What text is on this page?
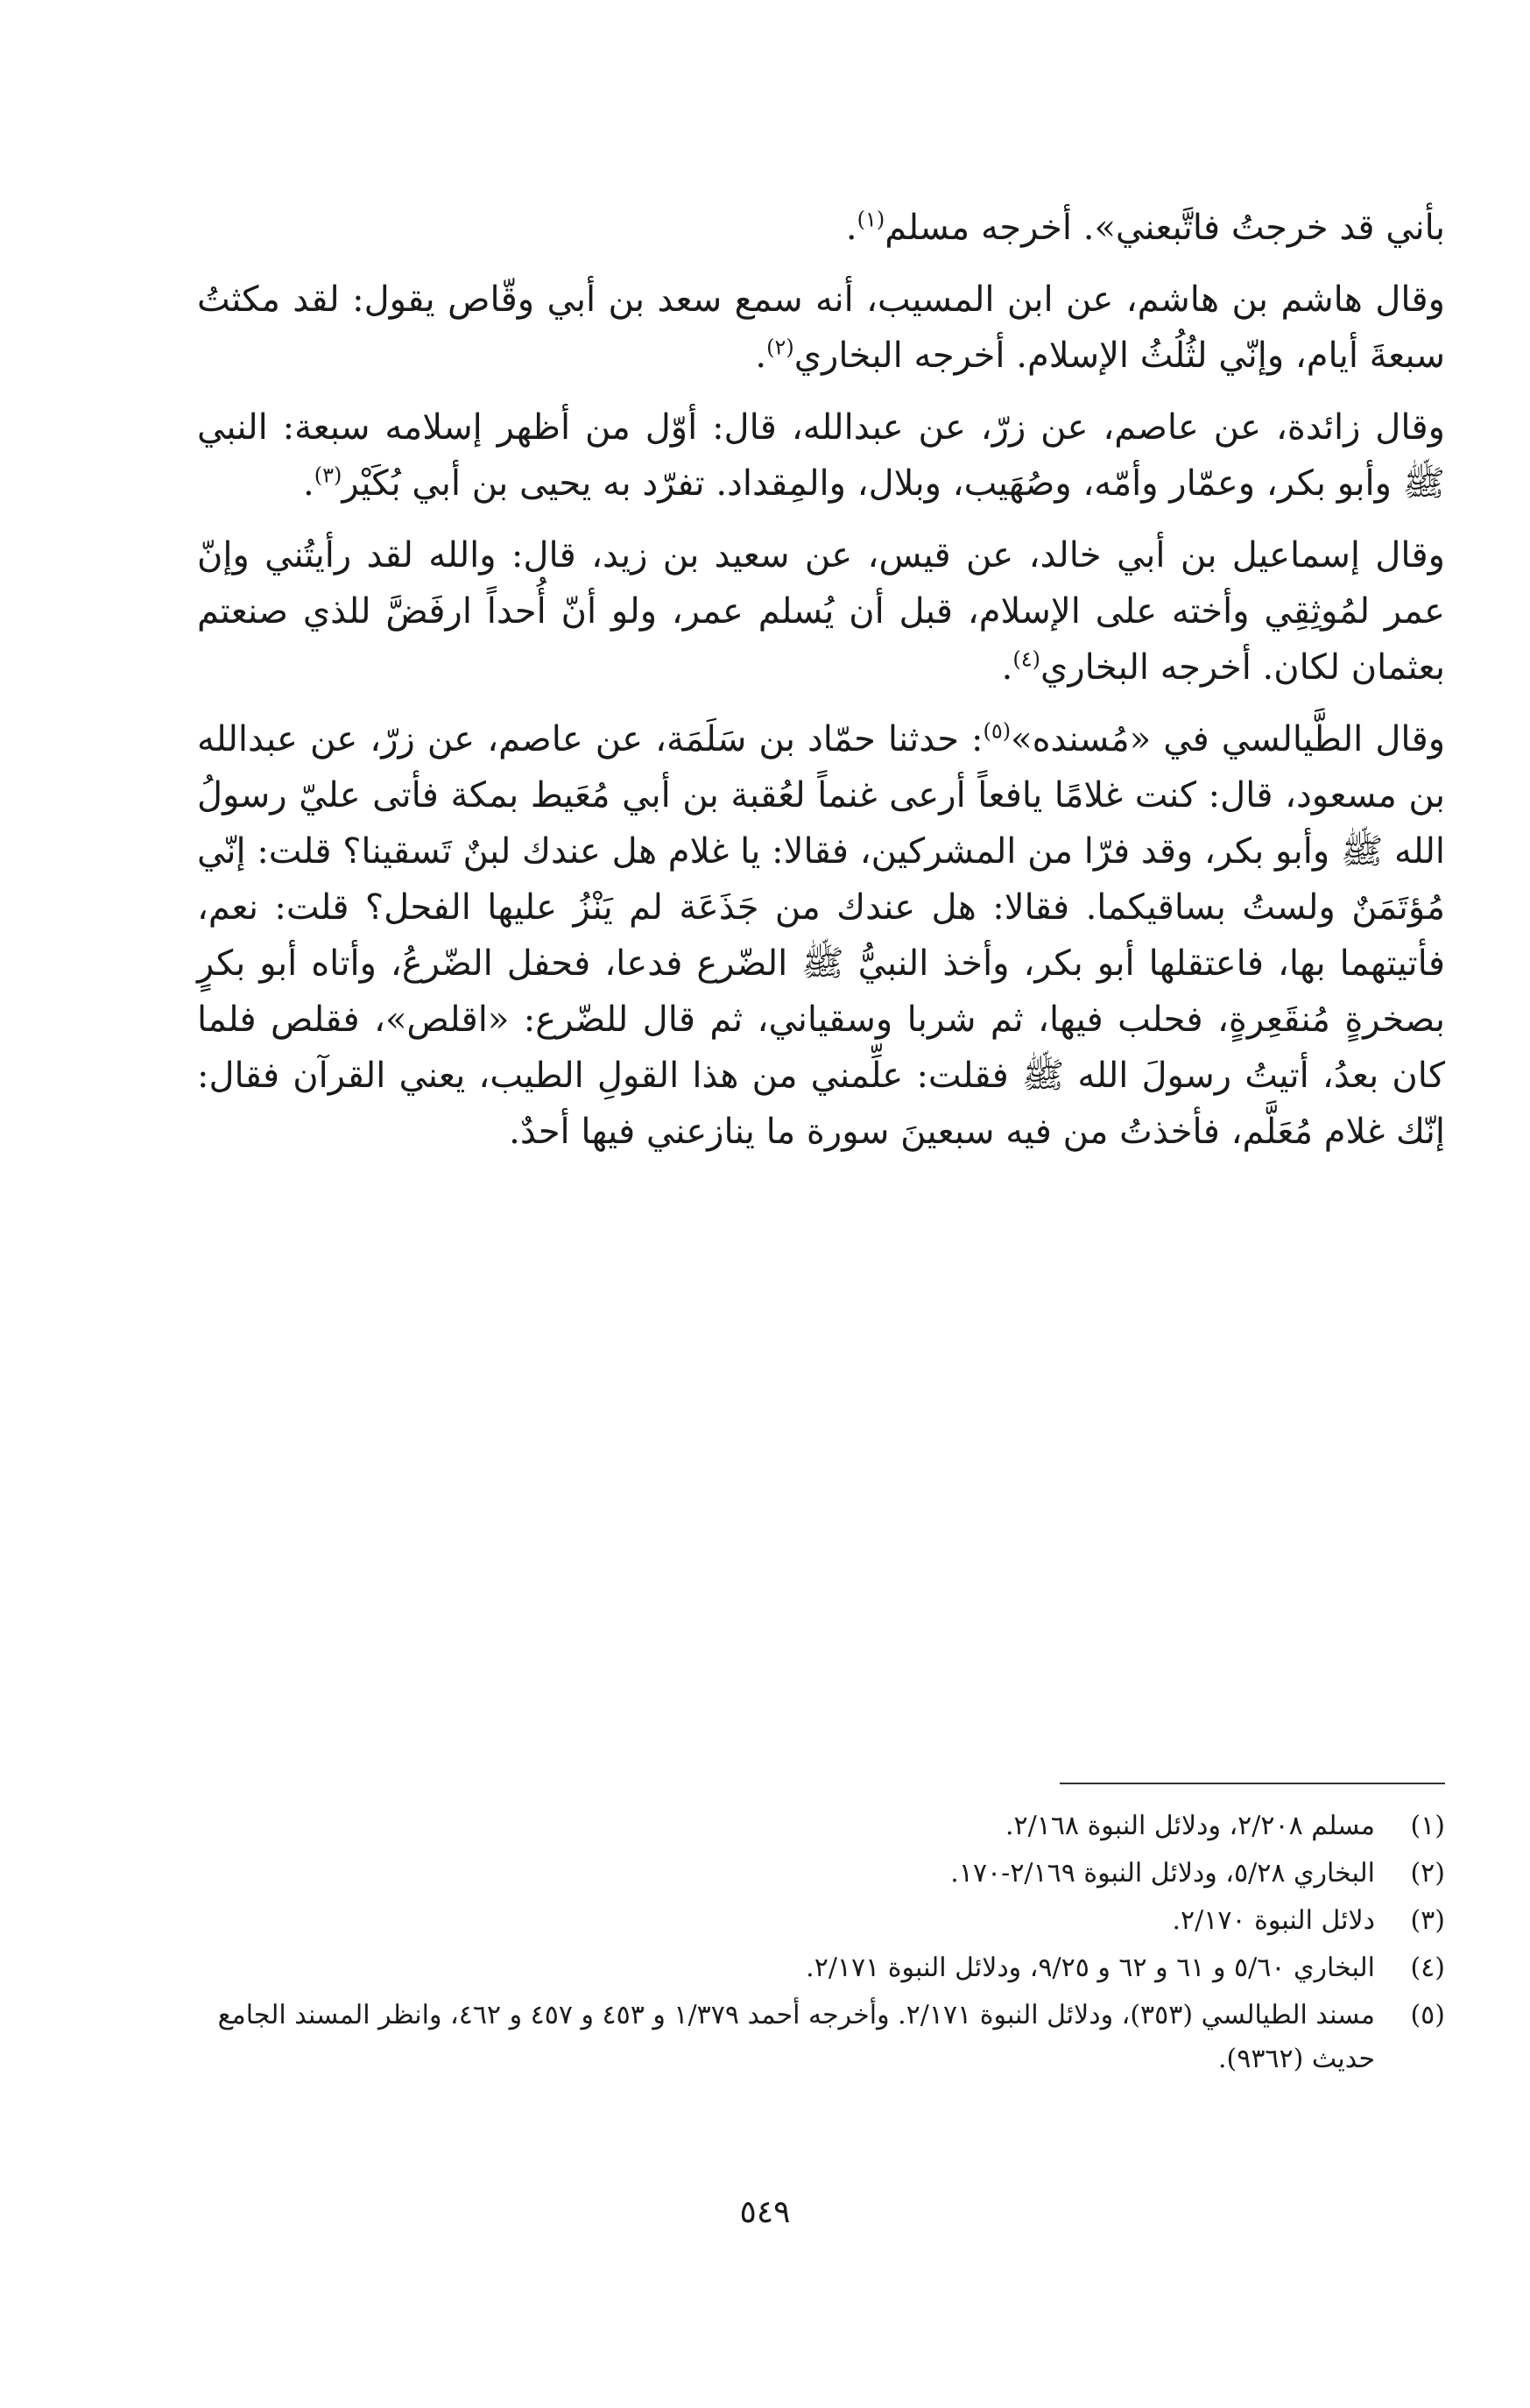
بأني قد خرجتُ فاتَّبعني». أخرجه مسلم$^{(١)}$.

وقال هاشم بن هاشم، عن ابن المسيب، أنه سمع سعد بن أبي وقّاص يقول: لقد مكثتُ سبعةَ أيام، وإنّي لثُلُثُ الإسلام. أخرجه البخاري$^{(٢)}$.

وقال زائدة، عن عاصم، عن زرّ، عن عبدالله، قال: أوّل من أظهر إسلامه سبعة: النبي ﷺ وأبو بكر، وعمّار وأمّه، وصُهَيب، وبلال، والمِقداد. تفرّد به يحيى بن أبي بُكَيْر$^{(٣)}$.

وقال إسماعيل بن أبي خالد، عن قيس، عن سعيد بن زيد، قال: والله لقد رأيتُني وإنّ عمر لمُوثِقِي وأخته على الإسلام، قبل أن يُسلم عمر، ولو أنّ أُحداً ارفَضَّ للذي صنعتم بعثمان لكان. أخرجه البخاري$^{(٤)}$.

وقال الطَّيالسي في «مُسنده»$^{(٥)}$: حدثنا حمّاد بن سَلَمَة، عن عاصم، عن زرّ، عن عبدالله بن مسعود، قال: كنت غلامًا يافعاً أرعى غنماً لعُقبة بن أبي مُعَيط بمكة فأتى عليّ رسولُ الله ﷺ وأبو بكر، وقد فرّا من المشركين، فقالا: يا غلام هل عندك لبنٌ تَسقينا؟ قلت: إنّي مُؤتَمَنٌ ولستُ بساقيكما. فقالا: هل عندك من جَذَعَة لم يَنْزُ عليها الفحل؟ قلت: نعم، فأتيتهما بها، فاعتقلها أبو بكر، وأخذ النبيُّ ﷺ الضّرع فدعا، فحفل الضّرعُ، وأتاه أبو بكرٍ بصخرةٍ مُنقَعِرةٍ، فحلب فيها، ثم شربا وسقياني، ثم قال للضّرع: «اقلص»، فقلص فلما كان بعدُ، أتيتُ رسولَ الله ﷺ فقلت: علِّمني من هذا القولِ الطيب، يعني القرآن فقال: إنّك غلام مُعَلَّم، فأخذتُ من فيه سبعينَ سورة ما ينازعني فيها أحدٌ.

(١)
مسلم ٢/٢٠٨، ودلائل النبوة ٢/١٦٨.
(٢)
البخاري ٥/٢٨، ودلائل النبوة ٢/١٦٩-١٧٠.
(٣)
دلائل النبوة ٢/١٧٠.
(٤)
البخاري ٥/٦٠ و ٦١ و ٦٢ و ٩/٢٥، ودلائل النبوة ٢/١٧١.
(٥)
مسند الطيالسي (٣٥٣)، ودلائل النبوة ٢/١٧١. وأخرجه أحمد ١/٣٧٩ و ٤٥٣ و ٤٥٧ و ٤٦٢، وانظر المسند الجامع حديث (٩٣٦٢).
٥٤٩
